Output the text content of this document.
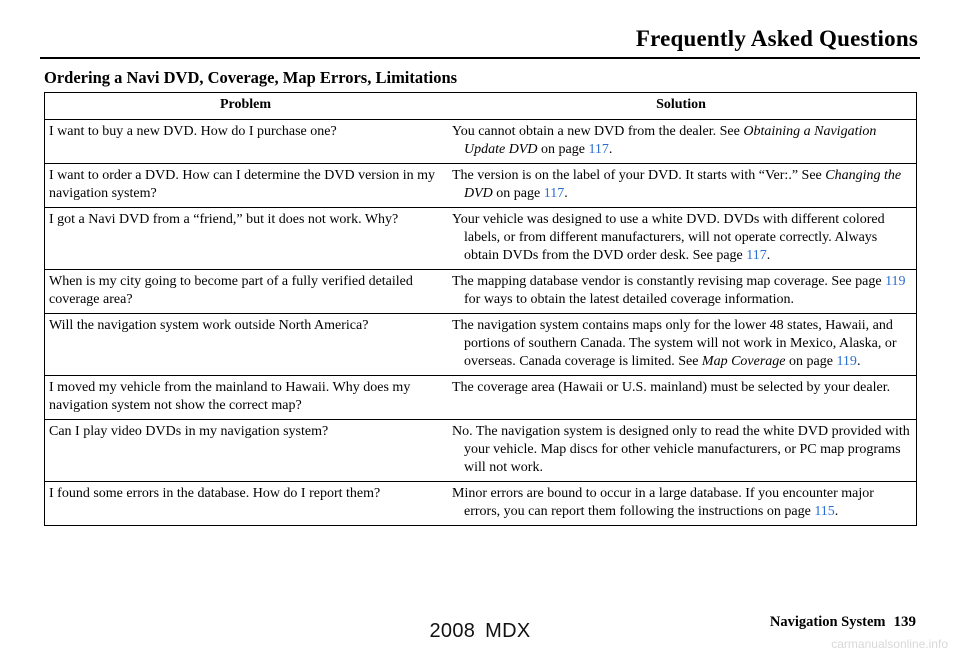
Frequently Asked Questions
Ordering a Navi DVD, Coverage, Map Errors, Limitations
Problem	Solution
I want to buy a new DVD. How do I purchase one?	You cannot obtain a new DVD from the dealer. See Obtaining a Navigation Update DVD on page 117.

I want to order a DVD. How can I determine the DVD version in my navigation system?	The version is on the label of your DVD. It starts with “Ver:.” See Changing the DVD on page 117.

I got a Navi DVD from a “friend,” but it does not work. Why?	Your vehicle was designed to use a white DVD. DVDs with different colored labels, or from different manufacturers, will not operate correctly. Always obtain DVDs from the DVD order desk. See page 117.

When is my city going to become part of a fully verified detailed coverage area?	The mapping database vendor is constantly revising map coverage. See page 119 for ways to obtain the latest detailed coverage information.

Will the navigation system work outside North America?	The navigation system contains maps only for the lower 48 states, Hawaii, and portions of southern Canada. The system will not work in Mexico, Alaska, or overseas. Canada coverage is limited. See Map Coverage on page 119.

I moved my vehicle from the mainland to Hawaii. Why does my navigation system not show the correct map?	The coverage area (Hawaii or U.S. mainland) must be selected by your dealer.

Can I play video DVDs in my navigation system?	No. The navigation system is designed only to read the white DVD provided with your vehicle. Map discs for other vehicle manufacturers, or PC map programs will not work.

I found some errors in the database. How do I report them?	Minor errors are bound to occur in a large database. If you encounter major errors, you can report them following the instructions on page 115.
Navigation System 139
2008 MDX
carmanualsonline.info
